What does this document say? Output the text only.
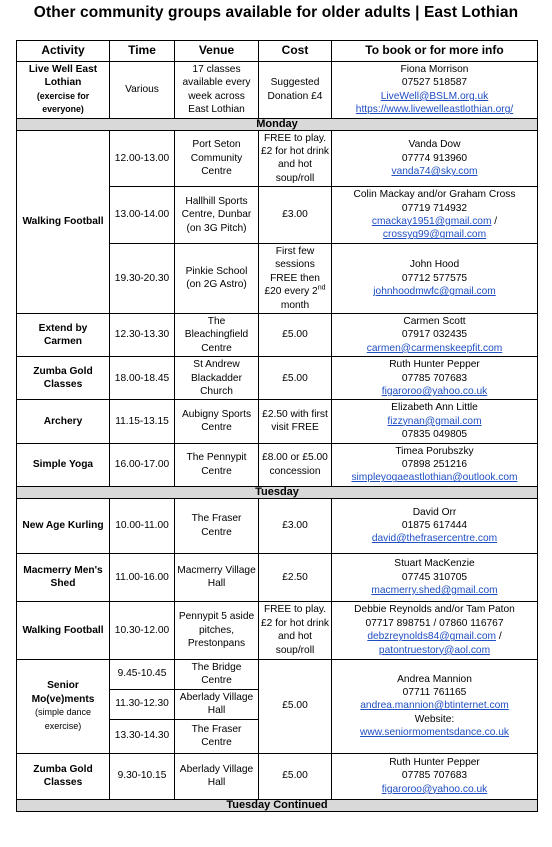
Other community groups available for older adults | East Lothian
Activity	Time	Venue	Cost	To book or for more info

Live Well East Lothian
(exercise for everyone)	Various	17 classes available every week across East Lothian	Suggested Donation £4	Fiona Morrison
07527 518587
LiveWell@BSLM.org.uk
https://www.livewelleastlothian.org/

Monday				
Walking Football	12.00-13.00	Port Seton Community Centre	FREE to play. £2 for hot drink and hot soup/roll	Vanda Dow
07774 913960
vanda74@sky.com

	13.00-14.00	Hallhill Sports Centre, Dunbar (on 3G Pitch)	£3.00	Colin Mackay and/or Graham Cross
07719 714932
cmackay1951@gmail.com /
crossyg99@gmail.com

	19.30-20.30	Pinkie School (on 2G Astro)	First few sessions FREE then £20 every 2nd month	John Hood
07712 577575
johnhoodmwfc@gmail.com

Extend by Carmen	12.30-13.30	The Bleachingfield Centre	£5.00	Carmen Scott
07917 032435
carmen@carmenskeepfit.com

Zumba Gold Classes	18.00-18.45	St Andrew Blackadder Church	£5.00	Ruth Hunter Pepper
07785 707683
figaroroo@yahoo.co.uk

Archery	11.15-13.15	Aubigny Sports Centre	£2.50 with first visit FREE	Elizabeth Ann Little
fizzynan@gmail.com
07835 049805

Simple Yoga	16.00-17.00	The Pennypit Centre	£8.00 or £5.00 concession	Timea Porubszky
07898 251216
simpleyogaeastlothian@outlook.com

Tuesday				
New Age Kurling	10.00-11.00	The Fraser Centre	£3.00	David Orr
01875 617444
david@thefrasercentre.com

Macmerry Men's Shed	11.00-16.00	Macmerry Village Hall	£2.50	Stuart MacKenzie
07745 310705
macmerry.shed@gmail.com

Walking Football	10.30-12.00	Pennypit 5 aside pitches, Prestonpans	FREE to play. £2 for hot drink and hot soup/roll	Debbie Reynolds and/or Tam Paton
07717 898751 / 07860 116767
debzreynolds84@gmail.com /
patontruestory@aol.com

Senior Mo(ve)ments
(simple dance exercise)	9.45-10.45	The Bridge Centre	£5.00	Andrea Mannion
07711 761165
andrea.mannion@btinternet.com
Website:
www.seniormomentsdance.co.uk

	11.30-12.30	Aberlady Village Hall		
	13.30-14.30	The Fraser Centre		
Zumba Gold Classes	9.30-10.15	Aberlady Village Hall	£5.00	Ruth Hunter Pepper
07785 707683
figaroroo@yahoo.co.uk

Tuesday Continued				
